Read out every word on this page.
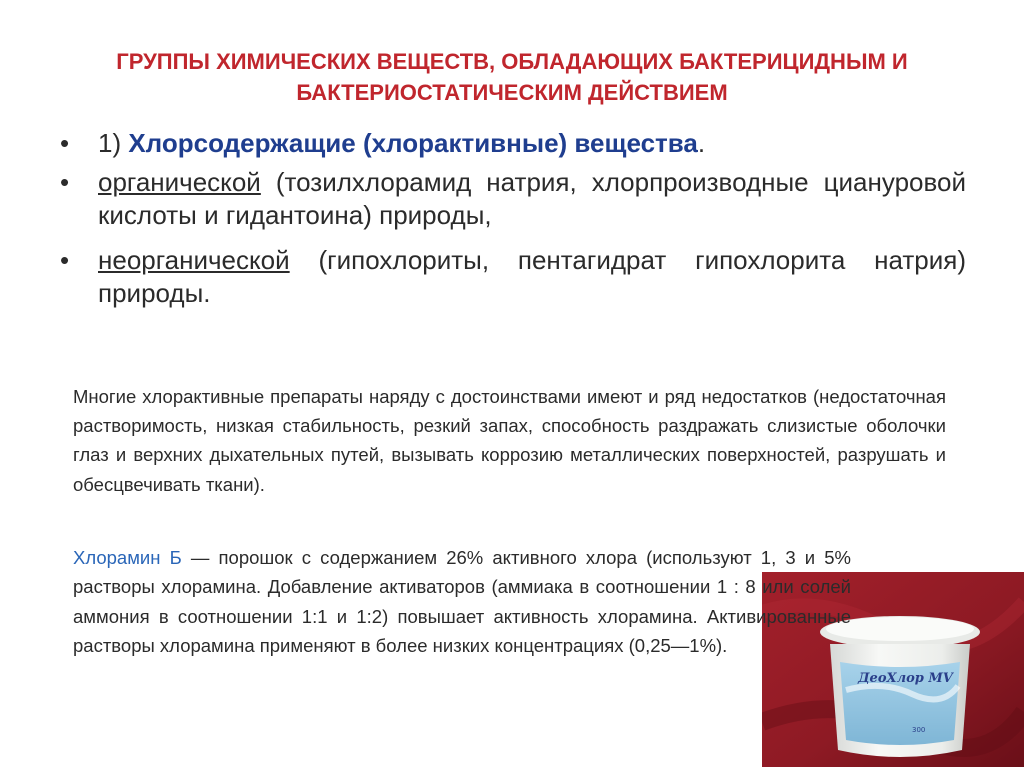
ГРУППЫ ХИМИЧЕСКИХ ВЕЩЕСТВ, ОБЛАДАЮЩИХ БАКТЕРИЦИДНЫМ И
БАКТЕРИОСТАТИЧЕСКИМ ДЕЙСТВИЕМ
• 1) Хлорсодержащие (хлорактивные) вещества.
• органической (тозилхлорамид натрия, хлорпроизводные циануровой кислоты и гидантоина) природы,
• неорганической (гипохлориты, пентагидрат гипохлорита натрия) природы.
Многие хлорактивные препараты наряду с достоинствами имеют и ряд недостатков (недостаточная растворимость, низкая стабильность, резкий запах, способность раздражать слизистые оболочки глаз и верхних дыхательных путей, вызывать коррозию металлических поверхностей, разрушать и обесцвечивать ткани).
ДеоХлор MV
300
Хлорамин Б — порошок с содержанием 26% активного хлора (используют 1, 3 и 5% растворы хлорамина. Добавление активаторов (аммиака в соотношении 1 : 8 или солей аммония в соотношении 1:1 и 1:2) повышает активность хлорамина. Активированные растворы хлорамина применяют в более низких концентрациях (0,25—1%).
